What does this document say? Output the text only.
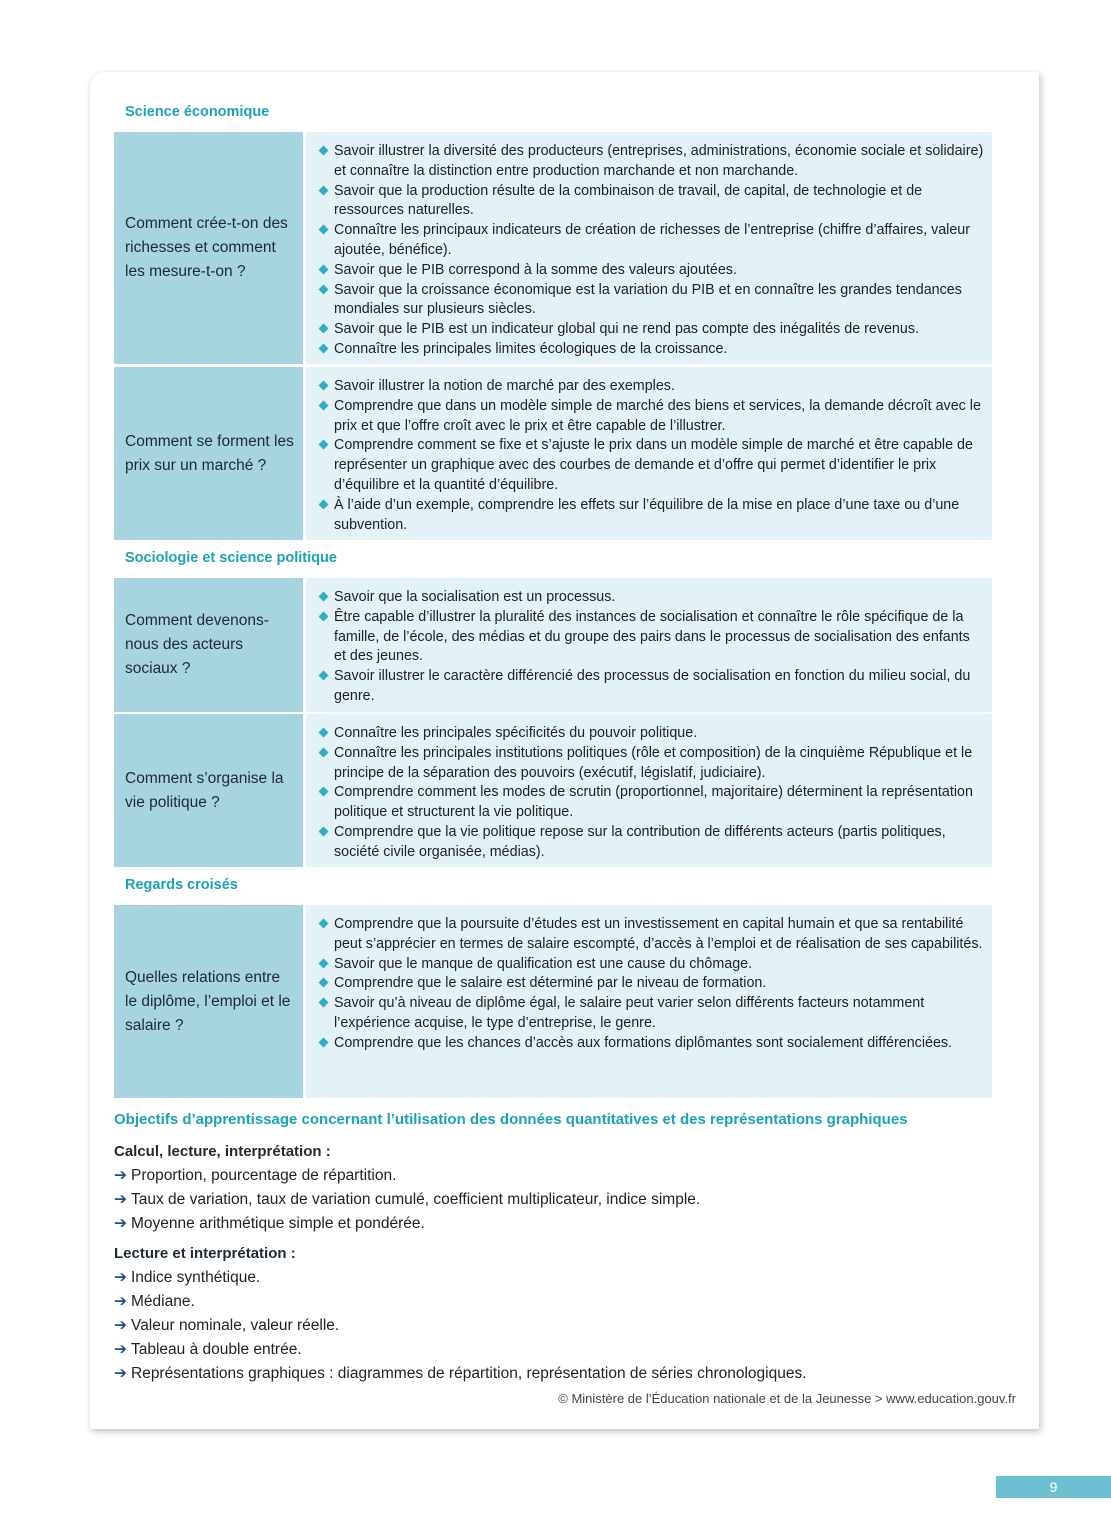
Science économique
Comment crée-t-on des richesses et comment les mesure-t-on ?
Savoir illustrer la diversité des producteurs (entreprises, administrations, économie sociale et solidaire) et connaître la distinction entre production marchande et non marchande.
Savoir que la production résulte de la combinaison de travail, de capital, de technologie et de ressources naturelles.
Connaître les principaux indicateurs de création de richesses de l’entreprise (chiffre d’affaires, valeur ajoutée, bénéfice).
Savoir que le PIB correspond à la somme des valeurs ajoutées.
Savoir que la croissance économique est la variation du PIB et en connaître les grandes tendances mondiales sur plusieurs siècles.
Savoir que le PIB est un indicateur global qui ne rend pas compte des inégalités de revenus.
Connaître les principales limites écologiques de la croissance.
Comment se forment les prix sur un marché ?
Savoir illustrer la notion de marché par des exemples.
Comprendre que dans un modèle simple de marché des biens et services, la demande décroît avec le prix et que l’offre croît avec le prix et être capable de l’illustrer.
Comprendre comment se fixe et s’ajuste le prix dans un modèle simple de marché et être capable de représenter un graphique avec des courbes de demande et d’offre qui permet d’identifier le prix d’équilibre et la quantité d’équilibre.
À l’aide d’un exemple, comprendre les effets sur l’équilibre de la mise en place d’une taxe ou d’une subvention.
Sociologie et science politique
Comment devenons-nous des acteurs sociaux ?
Savoir que la socialisation est un processus.
Être capable d’illustrer la pluralité des instances de socialisation et connaître le rôle spécifique de la famille, de l’école, des médias et du groupe des pairs dans le processus de socialisation des enfants et des jeunes.
Savoir illustrer le caractère différencié des processus de socialisation en fonction du milieu social, du genre.
Comment s’organise la vie politique ?
Connaître les principales spécificités du pouvoir politique.
Connaître les principales institutions politiques (rôle et composition) de la cinquième République et le principe de la séparation des pouvoirs (exécutif, législatif, judiciaire).
Comprendre comment les modes de scrutin (proportionnel, majoritaire) déterminent la représentation politique et structurent la vie politique.
Comprendre que la vie politique repose sur la contribution de différents acteurs (partis politiques, société civile organisée, médias).
Regards croisés
Quelles relations entre le diplôme, l’emploi et le salaire ?
Comprendre que la poursuite d’études est un investissement en capital humain et que sa rentabilité peut s’apprécier en termes de salaire escompté, d’accès à l’emploi et de réalisation de ses capabilités.
Savoir que le manque de qualification est une cause du chômage.
Comprendre que le salaire est déterminé par le niveau de formation.
Savoir qu’à niveau de diplôme égal, le salaire peut varier selon différents facteurs notamment l’expérience acquise, le type d’entreprise, le genre.
Comprendre que les chances d’accès aux formations diplômantes sont socialement différenciées.
Objectifs d’apprentissage concernant l’utilisation des données quantitatives et des représentations graphiques
Calcul, lecture, interprétation :
➔ Proportion, pourcentage de répartition.
➔ Taux de variation, taux de variation cumulé, coefficient multiplicateur, indice simple.
➔ Moyenne arithmétique simple et pondérée.
Lecture et interprétation :
➔ Indice synthétique.
➔ Médiane.
➔ Valeur nominale, valeur réelle.
➔ Tableau à double entrée.
➔ Représentations graphiques : diagrammes de répartition, représentation de séries chronologiques.
© Ministère de l’Éducation nationale et de la Jeunesse > www.education.gouv.fr
9
